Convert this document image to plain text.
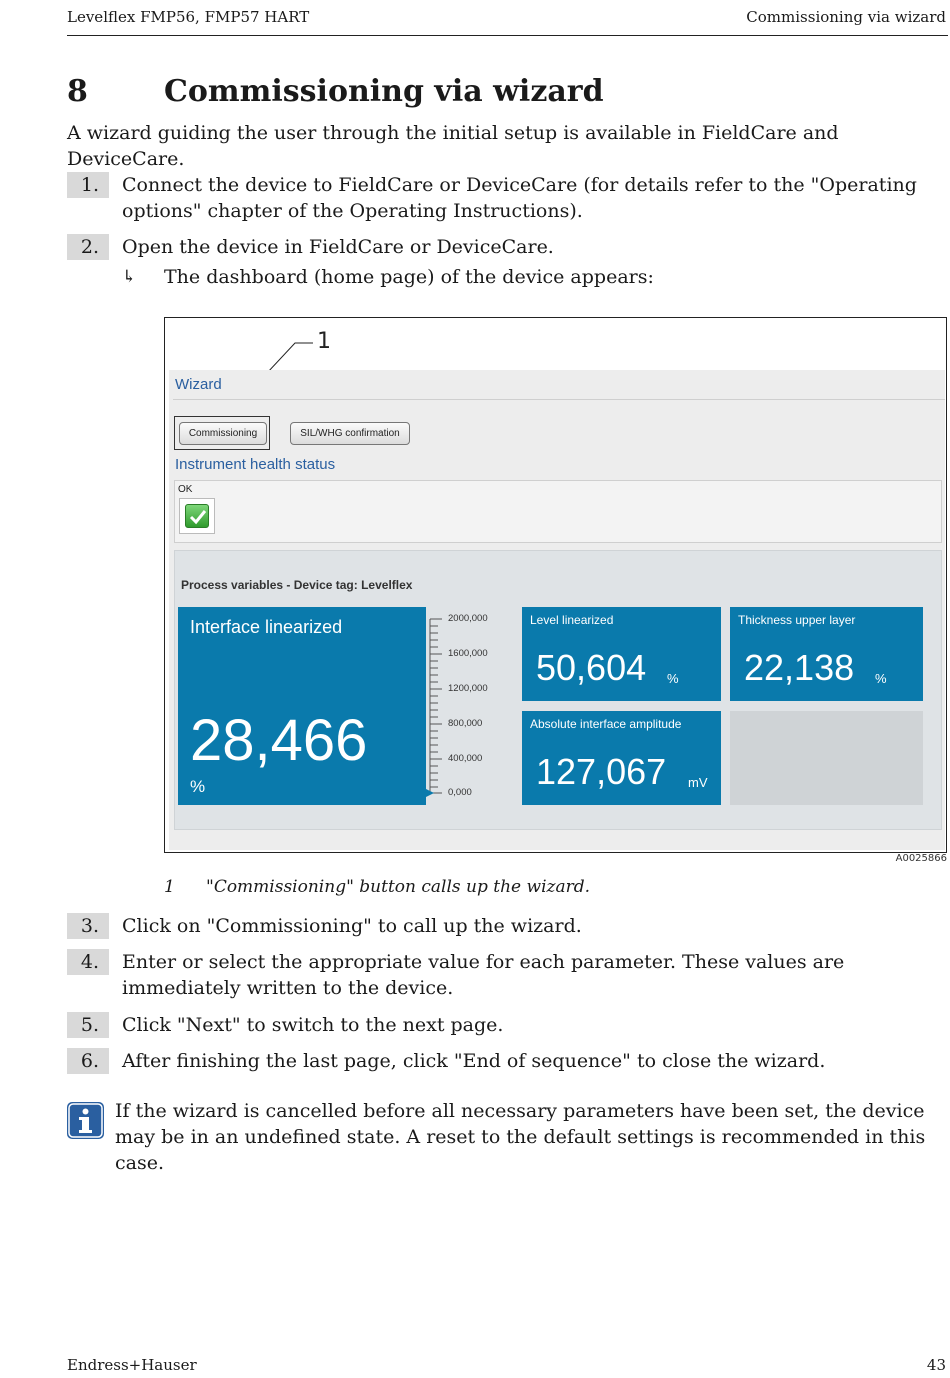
Levelflex FMP56, FMP57 HART	Commissioning via wizard
8	Commissioning via wizard
A wizard guiding the user through the initial setup is available in FieldCare and DeviceCare.
1.	Connect the device to FieldCare or DeviceCare (for details refer to the "Operating options" chapter of the Operating Instructions).
2.	Open the device in FieldCare or DeviceCare.
↳	The dashboard (home page) of the device appears:
1
Wizard
Commissioning	SIL/WHG confirmation
Instrument health status
OK
Process variables - Device tag: Levelflex
Interface linearized
28,466
%
2000,000
1600,000
1200,000
800,000
400,000
0,000
Level linearized
50,604 %
Thickness upper layer
22,138 %
Absolute interface amplitude
127,067 mV
A0025866
1 "Commissioning" button calls up the wizard.
3.	Click on "Commissioning" to call up the wizard.
4.	Enter or select the appropriate value for each parameter. These values are immediately written to the device.
5.	Click "Next" to switch to the next page.
6.	After finishing the last page, click "End of sequence" to close the wizard.
If the wizard is cancelled before all necessary parameters have been set, the device may be in an undefined state. A reset to the default settings is recommended in this case.
Endress+Hauser	43
